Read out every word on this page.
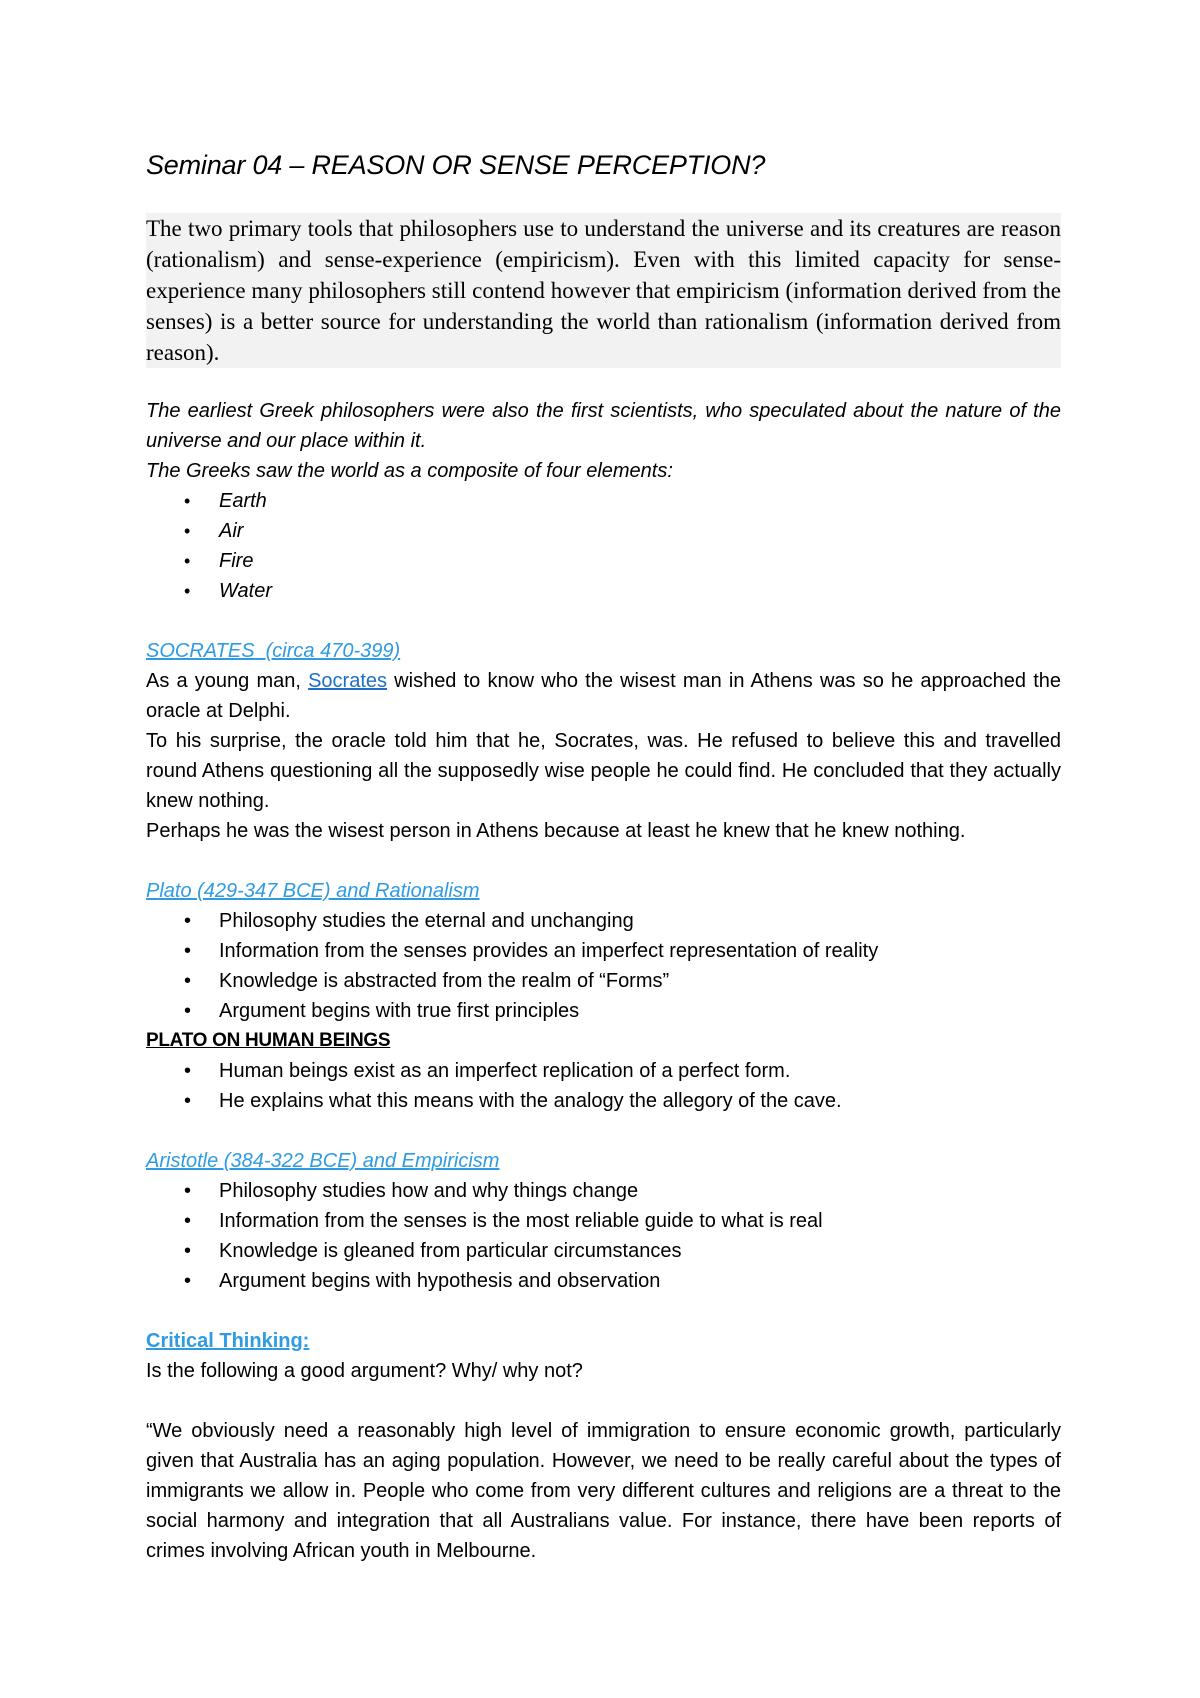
Seminar 04 – REASON OR SENSE PERCEPTION?

The two primary tools that philosophers use to understand the universe and its creatures are reason (rationalism) and sense-experience (empiricism). Even with this limited capacity for sense-experience many philosophers still contend however that empiricism (information derived from the senses) is a better source for understanding the world than rationalism (information derived from reason).

The earliest Greek philosophers were also the first scientists, who speculated about the nature of the universe and our place within it.

The Greeks saw the world as a composite of four elements:

• Earth
• Air
• Fire
• Water

SOCRATES  (circa 470-399)

As a young man, Socrates wished to know who the wisest man in Athens was so he approached the oracle at Delphi.

To his surprise, the oracle told him that he, Socrates, was. He refused to believe this and travelled round Athens questioning all the supposedly wise people he could find. He concluded that they actually knew nothing.

Perhaps he was the wisest person in Athens because at least he knew that he knew nothing.

Plato (429-347 BCE) and Rationalism

• Philosophy studies the eternal and unchanging
• Information from the senses provides an imperfect representation of reality
• Knowledge is abstracted from the realm of “Forms”
• Argument begins with true first principles

PLATO ON HUMAN BEINGS

• Human beings exist as an imperfect replication of a perfect form.
• He explains what this means with the analogy the allegory of the cave.

Aristotle (384-322 BCE) and Empiricism

• Philosophy studies how and why things change
• Information from the senses is the most reliable guide to what is real
• Knowledge is gleaned from particular circumstances
• Argument begins with hypothesis and observation

Critical Thinking:

Is the following a good argument? Why/ why not?

“We obviously need a reasonably high level of immigration to ensure economic growth, particularly given that Australia has an aging population. However, we need to be really careful about the types of immigrants we allow in. People who come from very different cultures and religions are a threat to the social harmony and integration that all Australians value. For instance, there have been reports of crimes involving African youth in Melbourne.
